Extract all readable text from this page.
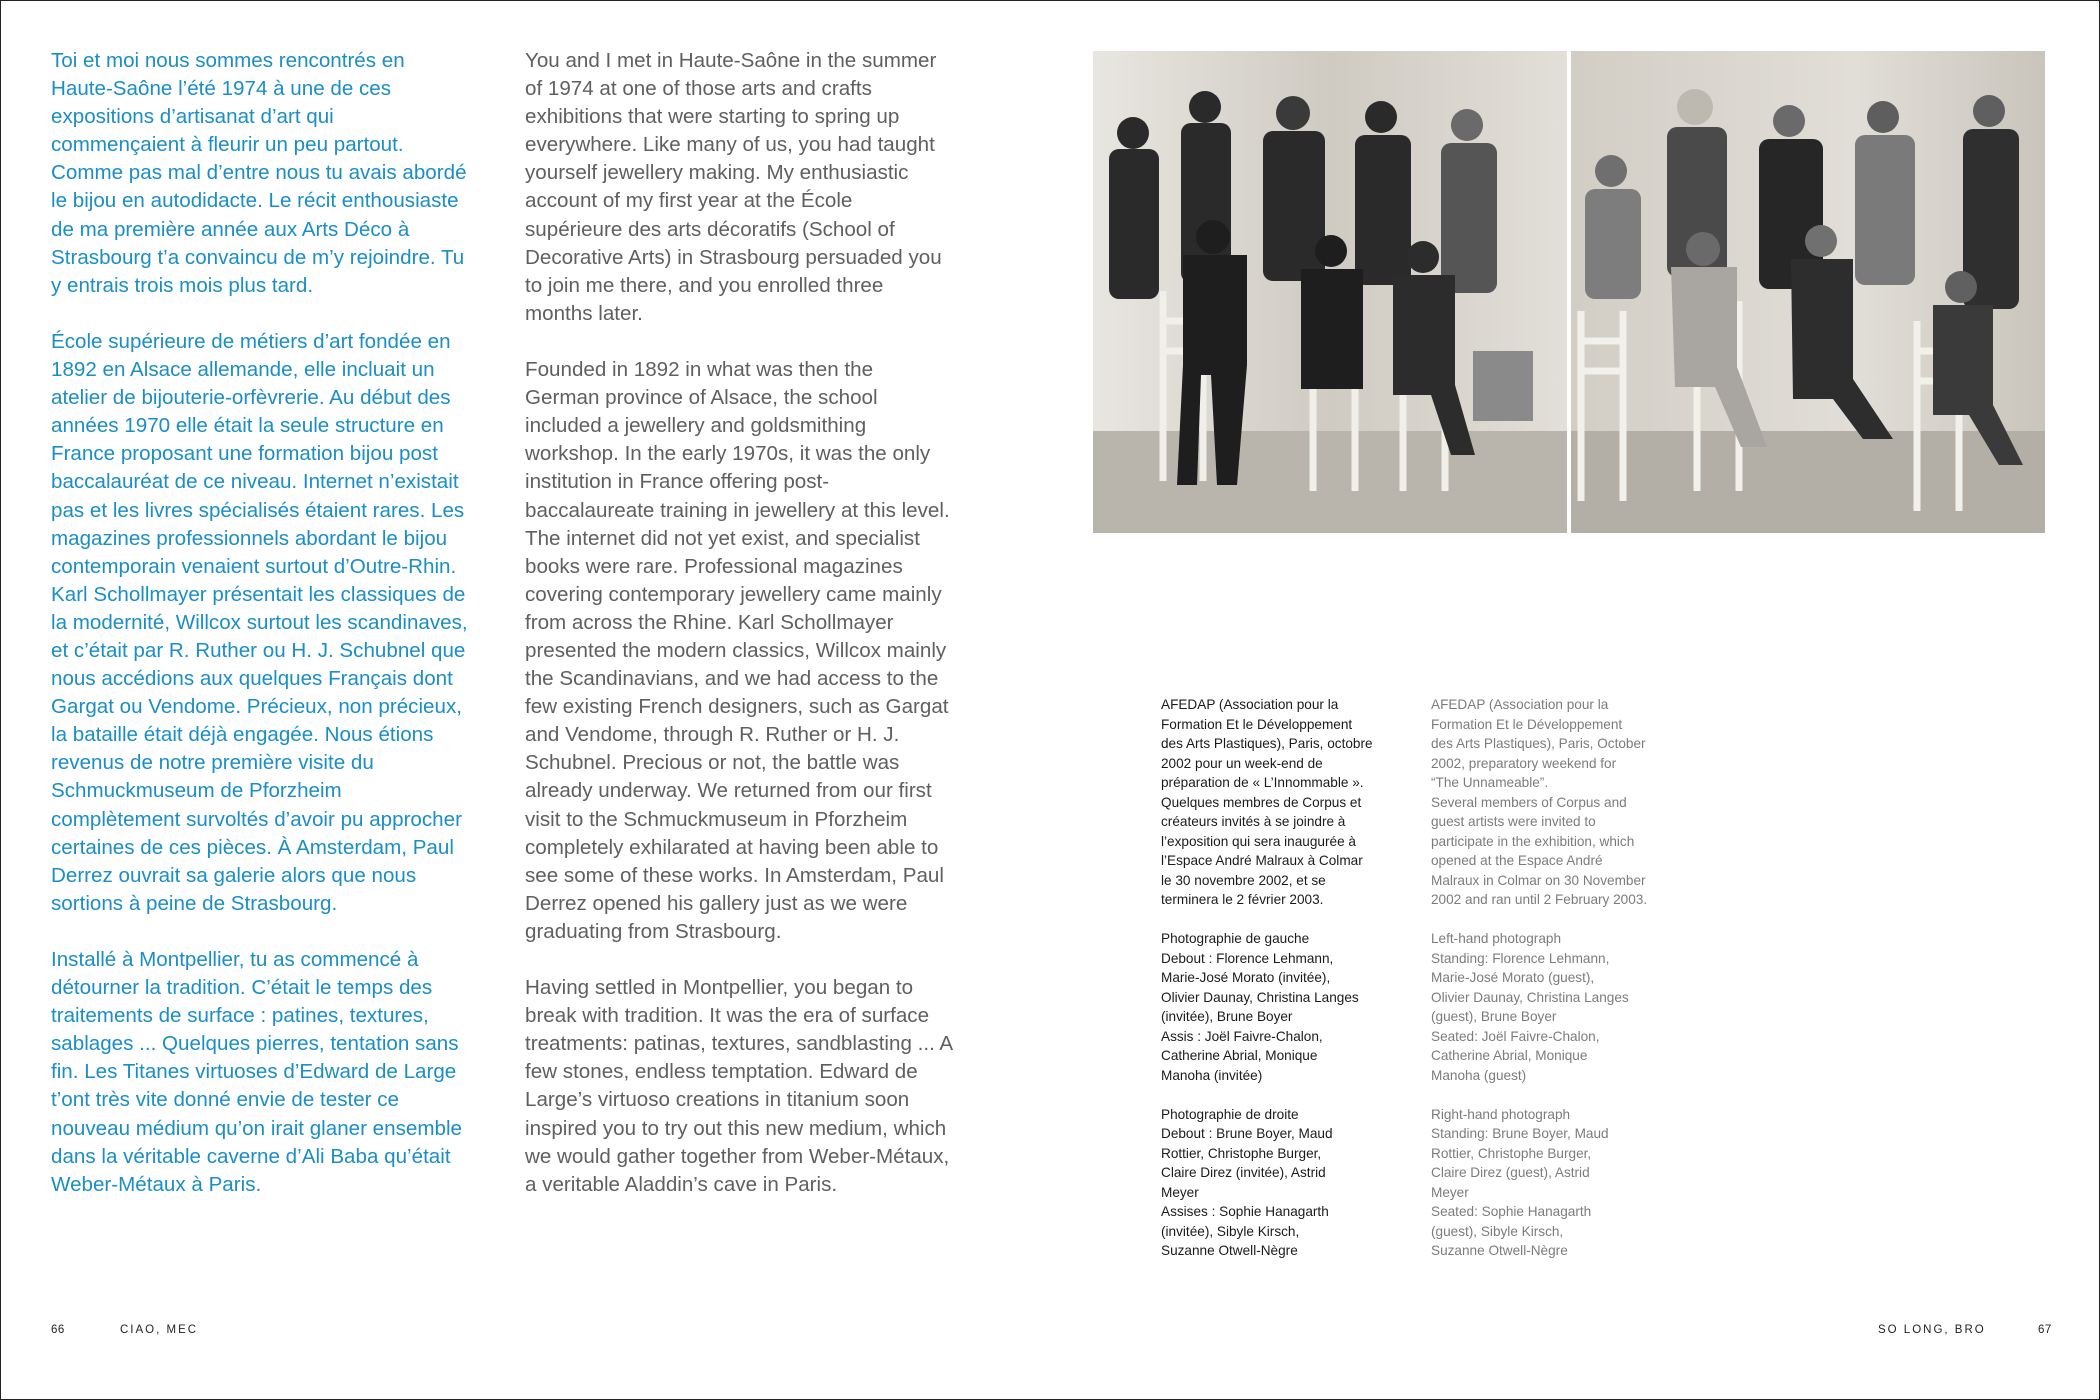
Toi et moi nous sommes rencontrés en Haute-Saône l’été 1974 à une de ces expositions d’artisanat d’art qui commençaient à fleurir un peu partout. Comme pas mal d’entre nous tu avais abordé le bijou en autodidacte. Le récit enthousiaste de ma première année aux Arts Déco à Strasbourg t’a convaincu de m’y rejoindre. Tu y entrais trois mois plus tard.

École supérieure de métiers d’art fondée en 1892 en Alsace allemande, elle incluait un atelier de bijouterie-orfèvrerie. Au début des années 1970 elle était la seule structure en France proposant une formation bijou post baccalauréat de ce niveau. Internet n’existait pas et les livres spécialisés étaient rares. Les magazines professionnels abordant le bijou contemporain venaient surtout d’Outre-Rhin. Karl Schollmayer présentait les classiques de la modernité, Willcox surtout les scandinaves, et c’était par R. Ruther ou H. J. Schubnel que nous accédions aux quelques Français dont Gargat ou Vendome. Précieux, non précieux, la bataille était déjà engagée. Nous étions revenus de notre première visite du Schmuckmuseum de Pforzheim complètement survoltés d’avoir pu approcher certaines de ces pièces. À Amsterdam, Paul Derrez ouvrait sa galerie alors que nous sortions à peine de Strasbourg.

Installé à Montpellier, tu as commencé à détourner la tradition. C’était le temps des traitements de surface : patines, textures, sablages ... Quelques pierres, tentation sans fin. Les Titanes virtuoses d’Edward de Large t’ont très vite donné envie de tester ce nouveau médium qu’on irait glaner ensemble dans la véritable caverne d’Ali Baba qu’était Weber-Métaux à Paris.

You and I met in Haute-Saône in the summer of 1974 at one of those arts and crafts exhibitions that were starting to spring up everywhere. Like many of us, you had taught yourself jewellery making. My enthusiastic account of my first year at the École supérieure des arts décoratifs (School of Decorative Arts) in Strasbourg persuaded you to join me there, and you enrolled three months later.

Founded in 1892 in what was then the German province of Alsace, the school included a jewellery and goldsmithing workshop. In the early 1970s, it was the only institution in France offering post-baccalaureate training in jewellery at this level. The internet did not yet exist, and specialist books were rare. Professional magazines covering contemporary jewellery came mainly from across the Rhine. Karl Schollmayer presented the modern classics, Willcox mainly the Scandinavians, and we had access to the few existing French designers, such as Gargat and Vendome, through R. Ruther or H. J. Schubnel. Precious or not, the battle was already underway. We returned from our first visit to the Schmuckmuseum in Pforzheim completely exhilarated at having been able to see some of these works. In Amsterdam, Paul Derrez opened his gallery just as we were graduating from Strasbourg.

Having settled in Montpellier, you began to break with tradition. It was the era of surface treatments: patinas, textures, sandblasting ... A few stones, endless temptation. Edward de Large’s virtuoso creations in titanium soon inspired you to try out this new medium, which we would gather together from Weber-Métaux, a veritable Aladdin’s cave in Paris.

AFEDAP (Association pour la
Formation Et le Développement
des Arts Plastiques), Paris, octobre
2002 pour un week-end de
préparation de « L’Innommable ».
Quelques membres de Corpus et
créateurs invités à se joindre à
l’exposition qui sera inaugurée à
l’Espace André Malraux à Colmar
le 30 novembre 2002, et se
terminera le 2 février 2003.

Photographie de gauche
Debout : Florence Lehmann,
Marie-José Morato (invitée),
Olivier Daunay, Christina Langes
(invitée), Brune Boyer
Assis : Joël Faivre-Chalon,
Catherine Abrial, Monique
Manoha (invitée)

Photographie de droite
Debout : Brune Boyer, Maud
Rottier, Christophe Burger,
Claire Direz (invitée), Astrid
Meyer
Assises : Sophie Hanagarth
(invitée), Sibyle Kirsch,
Suzanne Otwell-Nègre

AFEDAP (Association pour la
Formation Et le Développement
des Arts Plastiques), Paris, October
2002, preparatory weekend for
“The Unnameable”.
Several members of Corpus and
guest artists were invited to
participate in the exhibition, which
opened at the Espace André
Malraux in Colmar on 30 November
2002 and ran until 2 February 2003.

Left-hand photograph
Standing: Florence Lehmann,
Marie-José Morato (guest),
Olivier Daunay, Christina Langes
(guest), Brune Boyer
Seated: Joël Faivre-Chalon,
Catherine Abrial, Monique
Manoha (guest)

Right-hand photograph
Standing: Brune Boyer, Maud
Rottier, Christophe Burger,
Claire Direz (guest), Astrid
Meyer
Seated: Sophie Hanagarth
(guest), Sibyle Kirsch,
Suzanne Otwell-Nègre

66	CIAO, MEC	SO LONG, BRO	67
